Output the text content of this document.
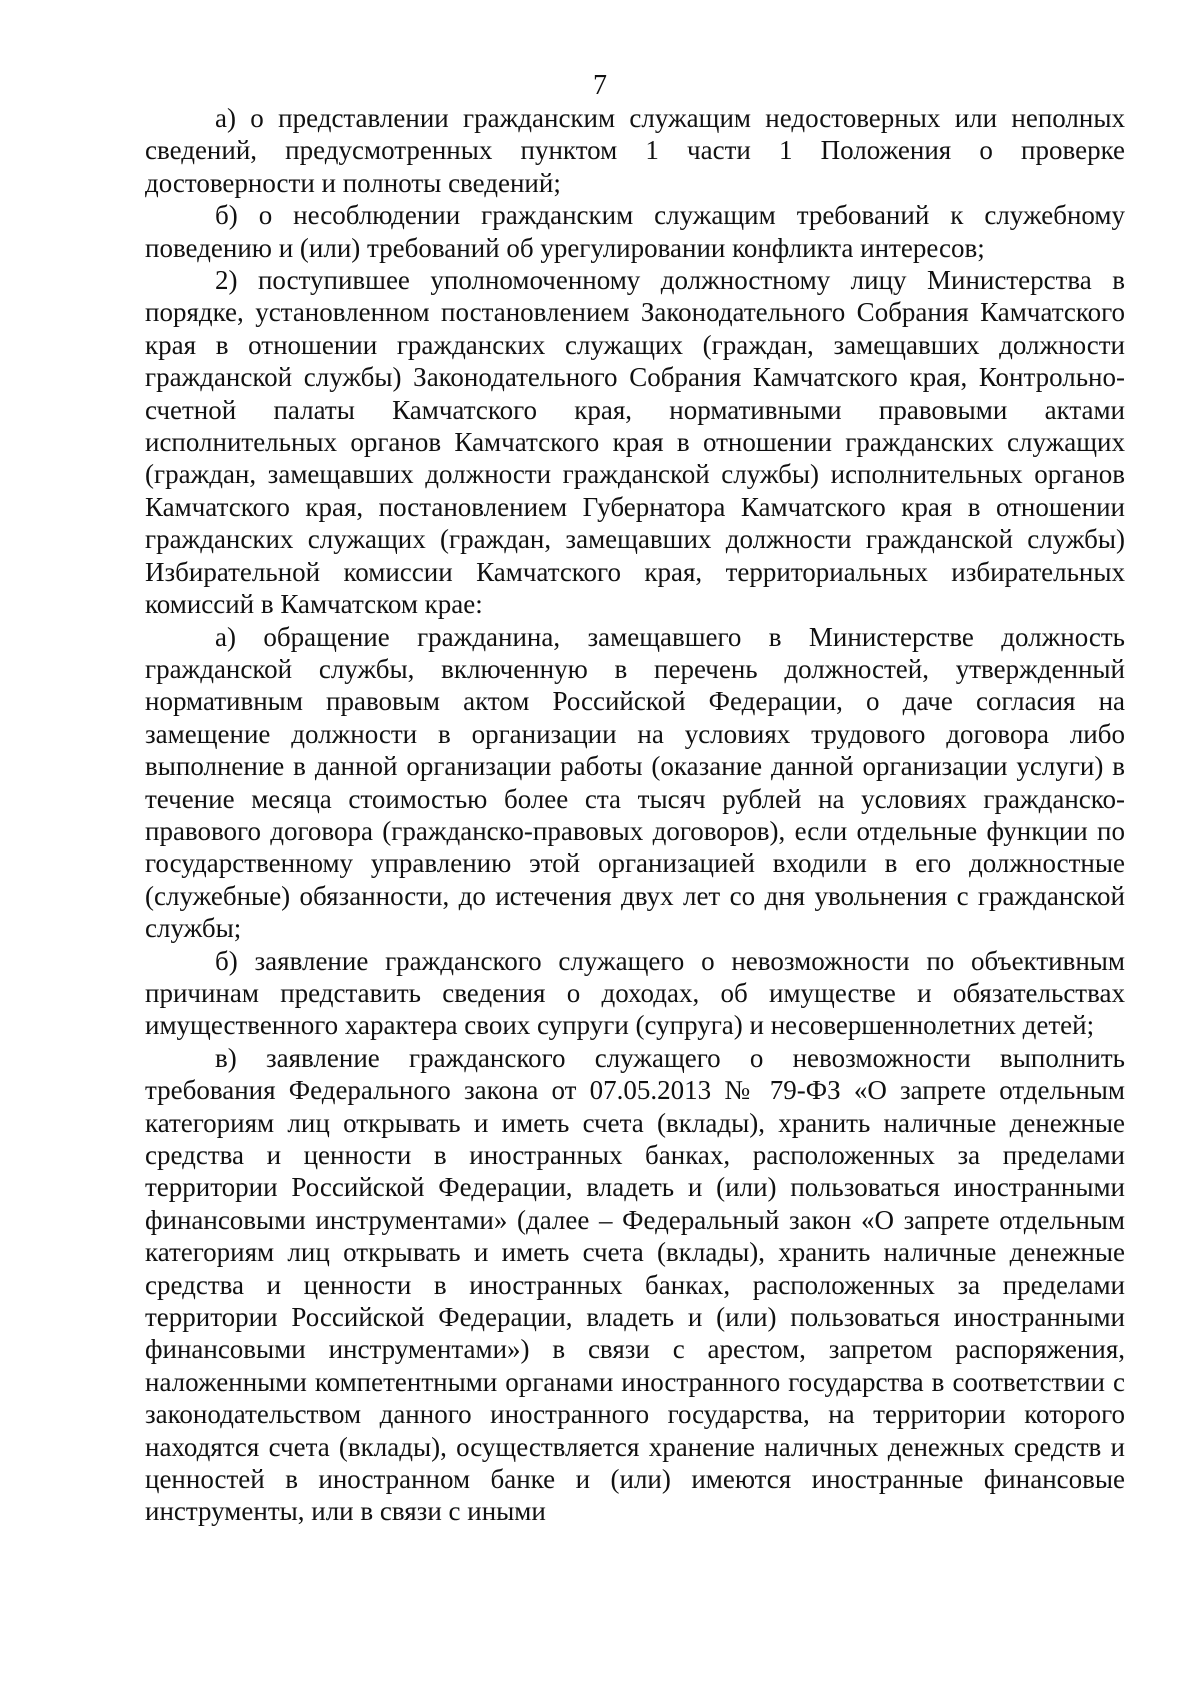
7

а) о представлении гражданским служащим недостоверных или неполных сведений, предусмотренных пунктом 1 части 1 Положения о проверке достоверности и полноты сведений;

б) о несоблюдении гражданским служащим требований к служебному поведению и (или) требований об урегулировании конфликта интересов;

2) поступившее уполномоченному должностному лицу Министерства в порядке, установленном постановлением Законодательного Собрания Камчатского края в отношении гражданских служащих (граждан, замещавших должности гражданской службы) Законодательного Собрания Камчатского края, Контрольно-счетной палаты Камчатского края, нормативными правовыми актами исполнительных органов Камчатского края в отношении гражданских служащих (граждан, замещавших должности гражданской службы) исполнительных органов Камчатского края, постановлением Губернатора Камчатского края в отношении гражданских служащих (граждан, замещавших должности гражданской службы) Избирательной комиссии Камчатского края, территориальных избирательных комиссий в Камчатском крае:

а) обращение гражданина, замещавшего в Министерстве должность гражданской службы, включенную в перечень должностей, утвержденный нормативным правовым актом Российской Федерации, о даче согласия на замещение должности в организации на условиях трудового договора либо выполнение в данной организации работы (оказание данной организации услуги) в течение месяца стоимостью более ста тысяч рублей на условиях гражданско-правового договора (гражданско-правовых договоров), если отдельные функции по государственному управлению этой организацией входили в его должностные (служебные) обязанности, до истечения двух лет со дня увольнения с гражданской службы;

б) заявление гражданского служащего о невозможности по объективным причинам представить сведения о доходах, об имуществе и обязательствах имущественного характера своих супруги (супруга) и несовершеннолетних детей;

в) заявление гражданского служащего о невозможности выполнить требования Федерального закона от 07.05.2013 № 79-ФЗ «О запрете отдельным категориям лиц открывать и иметь счета (вклады), хранить наличные денежные средства и ценности в иностранных банках, расположенных за пределами территории Российской Федерации, владеть и (или) пользоваться иностранными финансовыми инструментами» (далее – Федеральный закон «О запрете отдельным категориям лиц открывать и иметь счета (вклады), хранить наличные денежные средства и ценности в иностранных банках, расположенных за пределами территории Российской Федерации, владеть и (или) пользоваться иностранными финансовыми инструментами») в связи с арестом, запретом распоряжения, наложенными компетентными органами иностранного государства в соответствии с законодательством данного иностранного государства, на территории которого находятся счета (вклады), осуществляется хранение наличных денежных средств и ценностей в иностранном банке и (или) имеются иностранные финансовые инструменты, или в связи с иными
